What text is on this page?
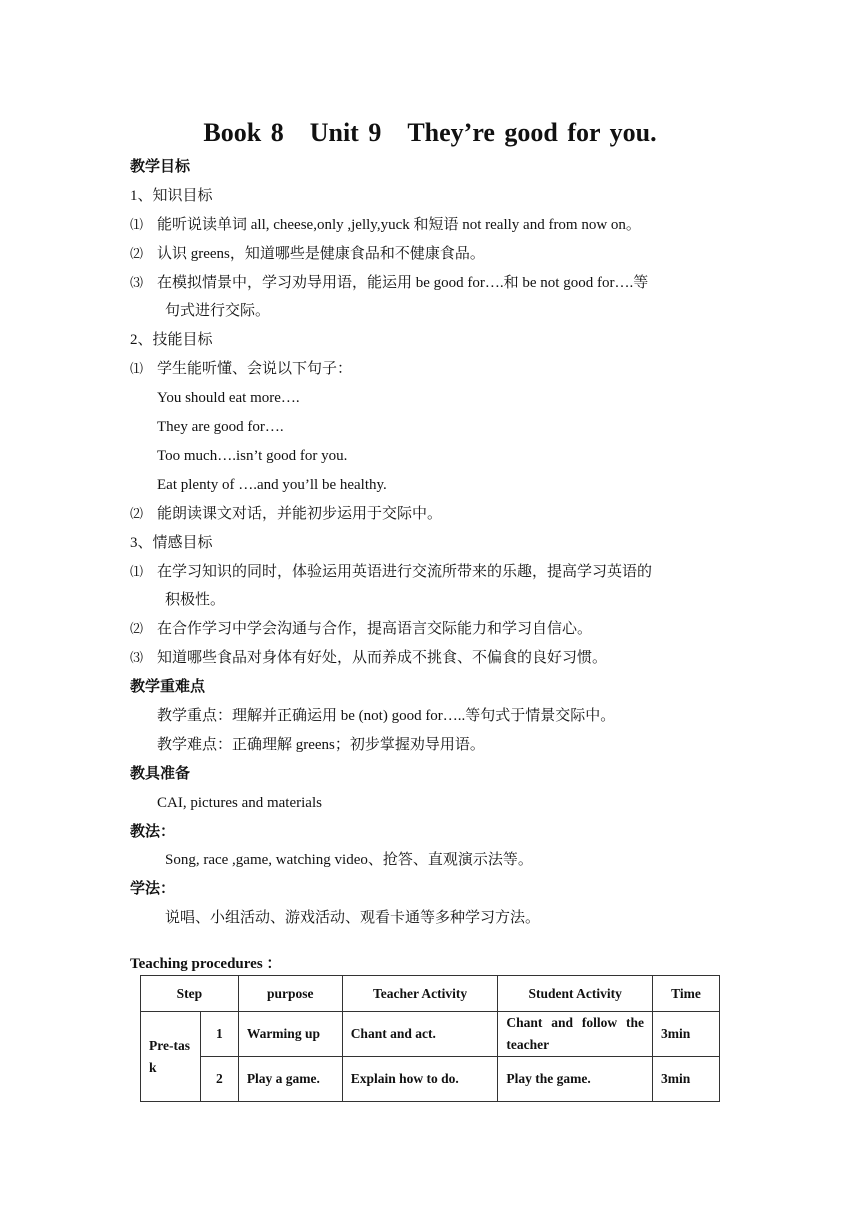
Book 8　Unit 9　They’re good for you.
教学目标
1、知识目标
⑴ 能听说读单词 all, cheese,only ,jelly,yuck 和短语 not really and from now on。
⑵ 认识 greens，知道哪些是健康食品和不健康食品。
⑶ 在模拟情景中，学习劝导用语，能运用 be good for….和 be not good for….等
句式进行交际。
2、技能目标
⑴ 学生能听懂、会说以下句子：
You should eat more….
They are good for….
Too much….isn’t good for you.
Eat plenty of ….and you’ll be healthy.
⑵ 能朗读课文对话，并能初步运用于交际中。
3、情感目标
⑴ 在学习知识的同时，体验运用英语进行交流所带来的乐趣，提高学习英语的
积极性。
⑵ 在合作学习中学会沟通与合作，提高语言交际能力和学习自信心。
⑶ 知道哪些食品对身体有好处，从而养成不挑食、不偏食的良好习惯。
教学重难点
教学重点：理解并正确运用 be (not) good for…..等句式于情景交际中。
教学难点：正确理解 greens；初步掌握劝导用语。
教具准备
CAI, pictures and materials
教法：
Song, race ,game, watching video、抢答、直观演示法等。
学法：
说唱、小组活动、游戏活动、观看卡通等多种学习方法。
Teaching procedures ：
Step		purpose	Teacher Activity	Student Activity	Time
Pre-task	1	Warming up	Chant and act.	Chant and follow the teacher	3min
	2	Play a game.	Explain how to do.	Play the game.	3min
